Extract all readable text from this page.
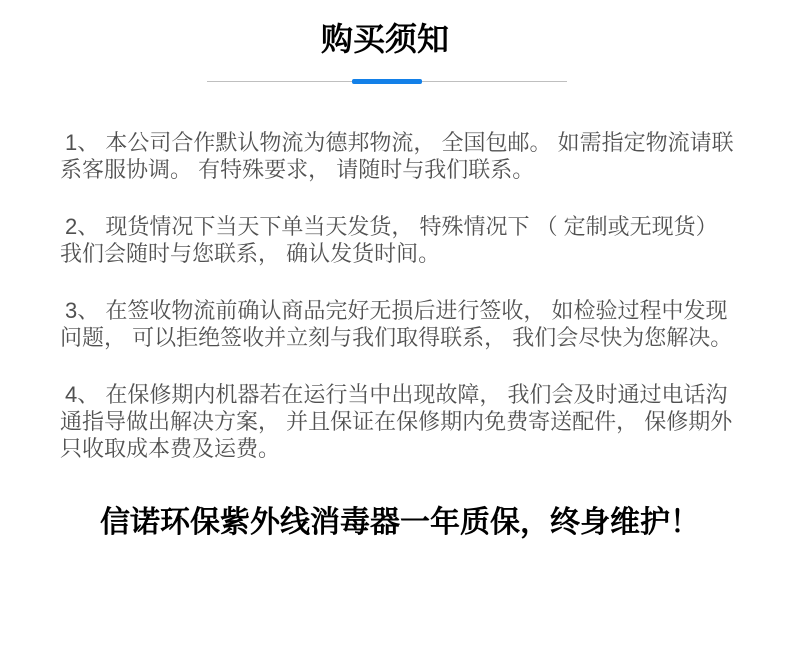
购买须知

1、 本公司合作默认物流为德邦物流， 全国包邮。 如需指定物流请联系客服协调。 有特殊要求， 请随时与我们联系。

2、 现货情况下当天下单当天发货， 特殊情况下 （ 定制或无现货） 我们会随时与您联系， 确认发货时间。

3、 在签收物流前确认商品完好无损后进行签收， 如检验过程中发现问题， 可以拒绝签收并立刻与我们取得联系， 我们会尽快为您解决。

4、 在保修期内机器若在运行当中出现故障， 我们会及时通过电话沟通指导做出解决方案， 并且保证在保修期内免费寄送配件， 保修期外只收取成本费及运费。

信诺环保紫外线消毒器一年质保，终身维护！
